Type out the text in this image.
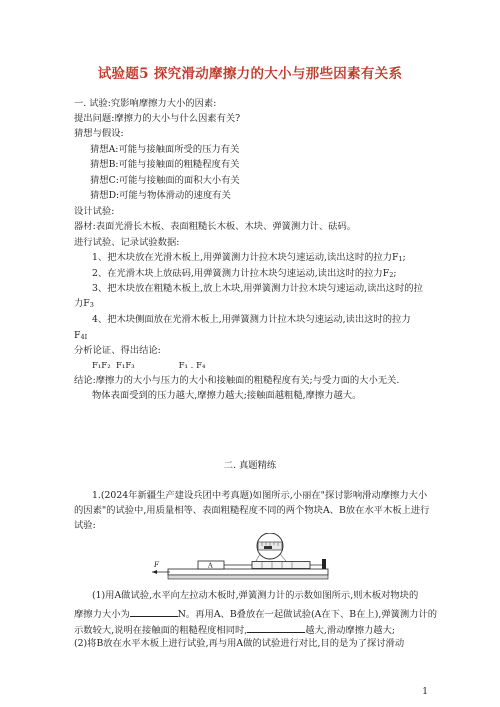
试验题5 探究滑动摩擦力的大小与那些因素有关系
一. 试验:究影响摩擦力大小的因素:
提出问题:摩擦力的大小与什么因素有关?
猜想与假设:
猜想A:可能与接触面所受的压力有关
猜想B:可能与接触面的粗糙程度有关
猜想C:可能与接触面的面积大小有关
猜想D:可能与物体滑动的速度有关
设计试验:
器材:表面光滑长木板、表面粗糙长木板、木块、弹簧测力计、砝码。
进行试验、记录试验数据:
1、把木块放在光滑木板上,用弹簧测力计拉木块匀速运动,读出这时的拉力$F_1$;
2、在光滑木块上放砝码,用弹簧测力计拉木块匀速运动,读出这时的拉力$F_2$;
3、把木块放在粗糙木板上,放上木块,用弹簧测力计拉木块匀速运动,读出这时的拉
力$F_3$
4、把木块侧面放在光滑木板上,用弹簧测力计拉木块匀速运动,读出这时的拉力
$F_{4I}$
分析论证、得出结论:
F₁F₂ F₁F₃	F₁ . F₄
结论:摩擦力的大小与压力的大小和接触面的粗糙程度有关;与受力面的大小无关.
物体表面受到的压力越大,摩擦力越大;接触面越粗糙,摩擦力越大。
二. 真题精练
1.(2024年新疆生产建设兵团中考真题)如图所示,小丽在"探讨影响滑动摩擦力大小
的因素"的试验中,用质量相等、表面粗糙程度不同的两个物块A、B放在水平木板上进行
试验:
F	A
(1)用A做试验,水平向左拉动木板时,弹簧测力计的示数如图所示,则木板对物块的
摩擦力大小为	N。再用A、B叠放在一起做试验(A在下、B在上),弹簧测力计的
示数较大,说明在接触面的粗糙程度相同时,	越大,滑动摩擦力越大;
(2)将B放在水平木板上进行试验,再与用A做的试验进行对比,目的是为了探讨滑动
1
